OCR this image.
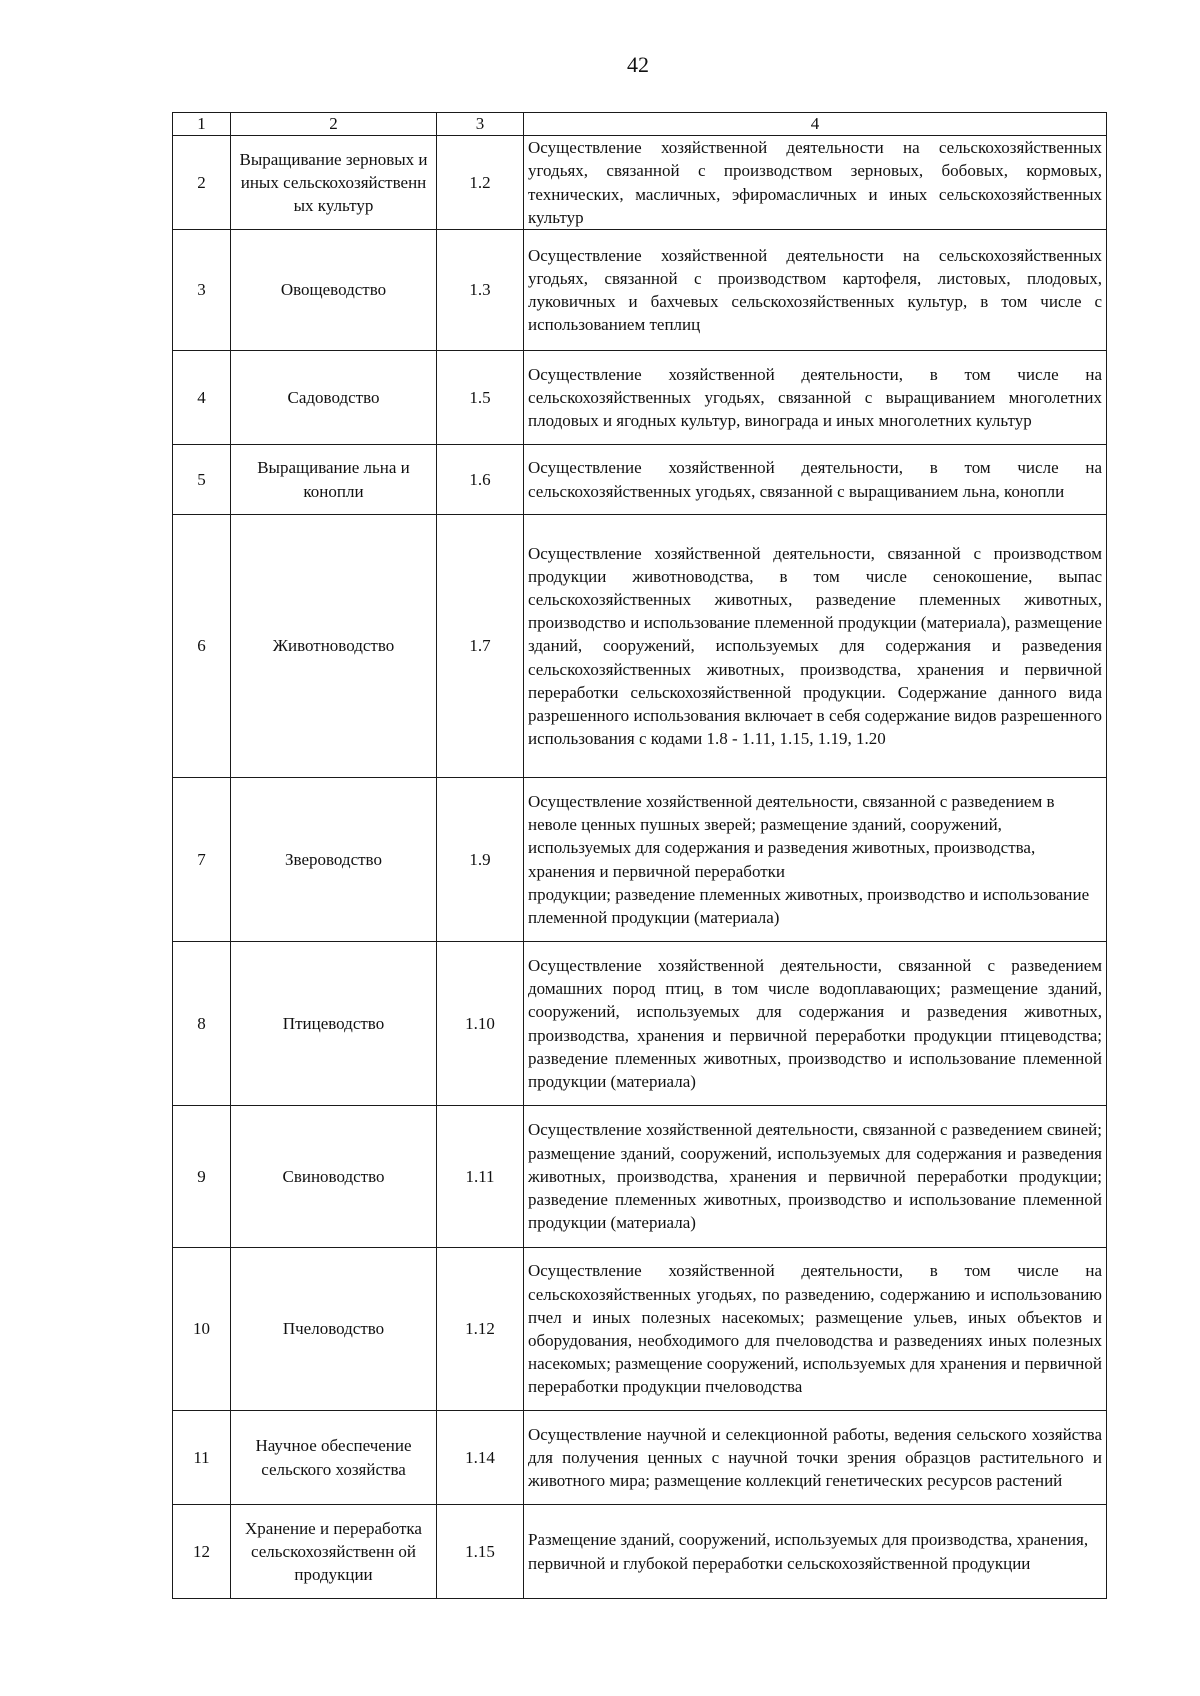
42
1	2	3	4
2	Выращивание зерновых и иных сельскохозяйственн ых культур	1.2	Осуществление хозяйственной деятельности на сельскохозяйственных угодьях, связанной с производством зерновых, бобовых, кормовых, технических, масличных, эфиромасличных и иных сельскохозяйственных культур
3	Овощеводство	1.3	Осуществление хозяйственной деятельности на сельскохозяйственных угодьях, связанной с производством картофеля, листовых, плодовых, луковичных и бахчевых сельскохозяйственных культур, в том числе с использованием теплиц
4	Садоводство	1.5	Осуществление хозяйственной деятельности, в том числе на сельскохозяйственных угодьях, связанной с выращиванием многолетних плодовых и ягодных культур, винограда и иных многолетних культур
5	Выращивание льна и конопли	1.6	Осуществление хозяйственной деятельности, в том числе на сельскохозяйственных угодьях, связанной с выращиванием льна, конопли
6	Животноводство	1.7	Осуществление хозяйственной деятельности, связанной с производством продукции животноводства, в том числе сенокошение, выпас сельскохозяйственных животных, разведение племенных животных, производство и использование племенной продукции (материала), размещение зданий, сооружений, используемых для содержания и разведения сельскохозяйственных животных, производства, хранения и первичной переработки сельскохозяйственной продукции. Содержание данного вида разрешенного использования включает в себя содержание видов разрешенного использования с кодами 1.8 - 1.11, 1.15, 1.19, 1.20
7	Звероводство	1.9	Осуществление хозяйственной деятельности, связанной с разведением в неволе ценных пушных зверей; размещение зданий, сооружений, используемых для содержания и разведения животных, производства, хранения и первичной переработки
продукции; разведение племенных животных, производство и использование племенной продукции (материала)
8	Птицеводство	1.10	Осуществление хозяйственной деятельности, связанной с разведением домашних пород птиц, в том числе водоплавающих; размещение зданий, сооружений, используемых для содержания и разведения животных, производства, хранения и первичной переработки продукции птицеводства; разведение племенных животных, производство и использование племенной продукции (материала)
9	Свиноводство	1.11	Осуществление хозяйственной деятельности, связанной с разведением свиней; размещение зданий, сооружений, используемых для содержания и разведения животных, производства, хранения и первичной переработки продукции; разведение племенных животных, производство и использование племенной продукции (материала)
10	Пчеловодство	1.12	Осуществление хозяйственной деятельности, в том числе на сельскохозяйственных угодьях, по разведению, содержанию и использованию пчел и иных полезных насекомых; размещение ульев, иных объектов и оборудования, необходимого для пчеловодства и разведениях иных полезных насекомых; размещение сооружений, используемых для хранения и первичной переработки продукции пчеловодства
11	Научное обеспечение сельского хозяйства	1.14	Осуществление научной и селекционной работы, ведения сельского хозяйства для получения ценных с научной точки зрения образцов растительного и животного мира; размещение коллекций генетических ресурсов растений
12	Хранение и переработка сельскохозяйственн ой продукции	1.15	Размещение зданий, сооружений, используемых для производства, хранения, первичной и глубокой переработки сельскохозяйственной продукции
